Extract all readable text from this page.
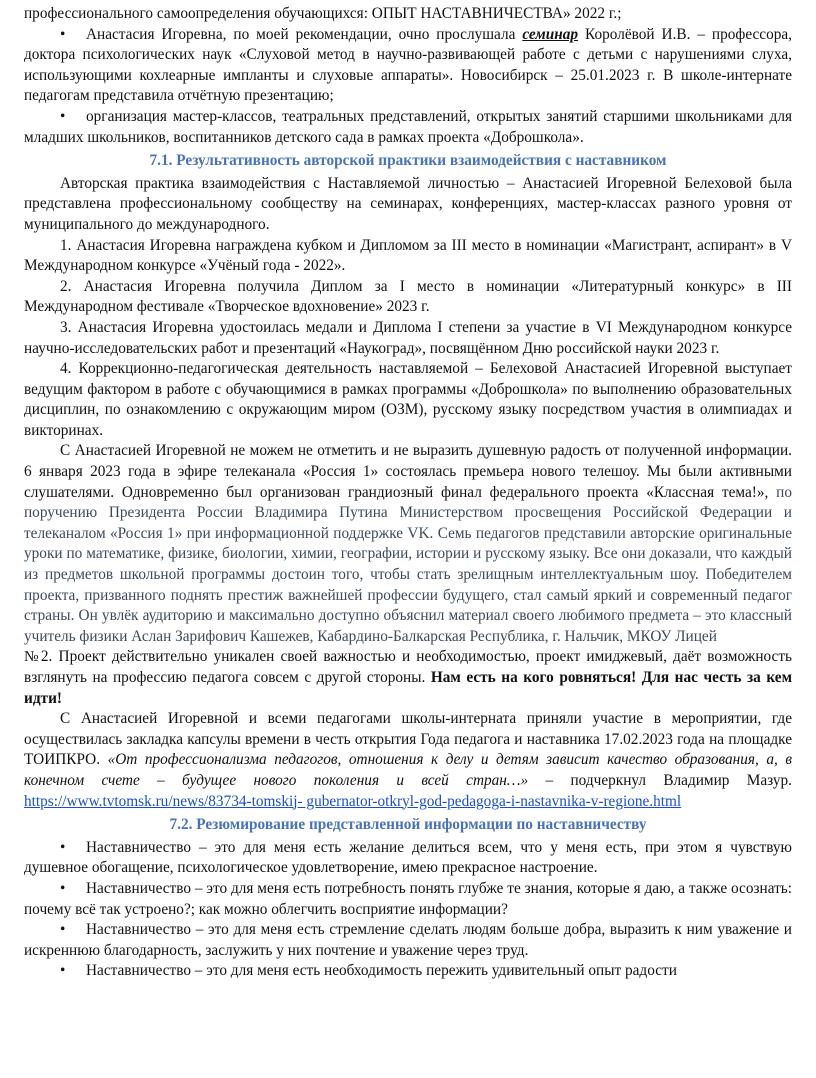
профессионального самоопределения обучающихся: ОПЫТ НАСТАВНИЧЕСТВА» 2022 г.;

• Анастасия Игоревна, по моей рекомендации, очно прослушала семинар Королёвой И.В. – профессора, доктора психологических наук «Слуховой метод в научно-развивающей работе с детьми с нарушениями слуха, использующими кохлеарные импланты и слуховые аппараты». Новосибирск – 25.01.2023 г. В школе-интернате педагогам представила отчётную презентацию;

• организация мастер-классов, театральных представлений, открытых занятий старшими школьниками для младших школьников, воспитанников детского сада в рамках проекта «Доброшкола».

7.1. Результативность авторской практики взаимодействия с наставником

Авторская практика взаимодействия с Наставляемой личностью – Анастасией Игоревной Белеховой была представлена профессиональному сообществу на семинарах, конференциях, мастер-классах разного уровня от муниципального до международного.

1. Анастасия Игоревна награждена кубком и Дипломом за III место в номинации «Магистрант, аспирант» в V Международном конкурсе «Учёный года - 2022».

2. Анастасия Игоревна получила Диплом за I место в номинации «Литературный конкурс» в III Международном фестивале «Творческое вдохновение» 2023 г.

3. Анастасия Игоревна удостоилась медали и Диплома I степени за участие в VI Международном конкурсе научно-исследовательских работ и презентаций «Наукоград», посвящённом Дню российской науки 2023 г.

4. Коррекционно-педагогическая деятельность наставляемой – Белеховой Анастасией Игоревной выступает ведущим фактором в работе с обучающимися в рамках программы «Доброшкола» по выполнению образовательных дисциплин, по ознакомлению с окружающим миром (ОЗМ), русскому языку посредством участия в олимпиадах и викторинах.

С Анастасией Игоревной не можем не отметить и не выразить душевную радость от полученной информации. 6 января 2023 года в эфире телеканала «Россия 1» состоялась премьера нового телешоу. Мы были активными слушателями. Одновременно был организован грандиозный финал федерального проекта «Классная тема!», по поручению Президента России Владимира Путина Министерством просвещения Российской Федерации и телеканалом «Россия 1» при информационной поддержке VK. Семь педагогов представили авторские оригинальные уроки по математике, физике, биологии, химии, географии, истории и русскому языку. Все они доказали, что каждый из предметов школьной программы достоин того, чтобы стать зрелищным интеллектуальным шоу. Победителем проекта, призванного поднять престиж важнейшей профессии будущего, стал самый яркий и современный педагог страны. Он увлёк аудиторию и максимально доступно объяснил материал своего любимого предмета – это классный учитель физики Аслан Зарифович Кашежев, Кабардино-Балкарская Республика, г. Нальчик, МКОУ Лицей

№2. Проект действительно уникален своей важностью и необходимостью, проект имиджевый, даёт возможность взглянуть на профессию педагога совсем с другой стороны. Нам есть на кого ровняться! Для нас честь за кем идти!

С Анастасией Игоревной и всеми педагогами школы-интерната приняли участие в мероприятии, где осуществилась закладка капсулы времени в честь открытия Года педагога и наставника 17.02.2023 года на площадке ТОИПКРО. «От профессионализма педагогов, отношения к делу и детям зависит качество образования, а, в конечном счете – будущее нового поколения и всей стран…» – подчеркнул Владимир Мазур. https://www.tvtomsk.ru/news/83734-tomskij- gubernator-otkryl-god-pedagoga-i-nastavnika-v-regione.html

7.2. Резюмирование представленной информации по наставничеству

• Наставничество – это для меня есть желание делиться всем, что у меня есть, при этом я чувствую душевное обогащение, психологическое удовлетворение, имею прекрасное настроение.

• Наставничество – это для меня есть потребность понять глубже те знания, которые я даю, а также осознать: почему всё так устроено?; как можно облегчить восприятие информации?

• Наставничество – это для меня есть стремление сделать людям больше добра, выразить к ним уважение и искреннюю благодарность, заслужить у них почтение и уважение через труд.

• Наставничество – это для меня есть необходимость пережить удивительный опыт радости
